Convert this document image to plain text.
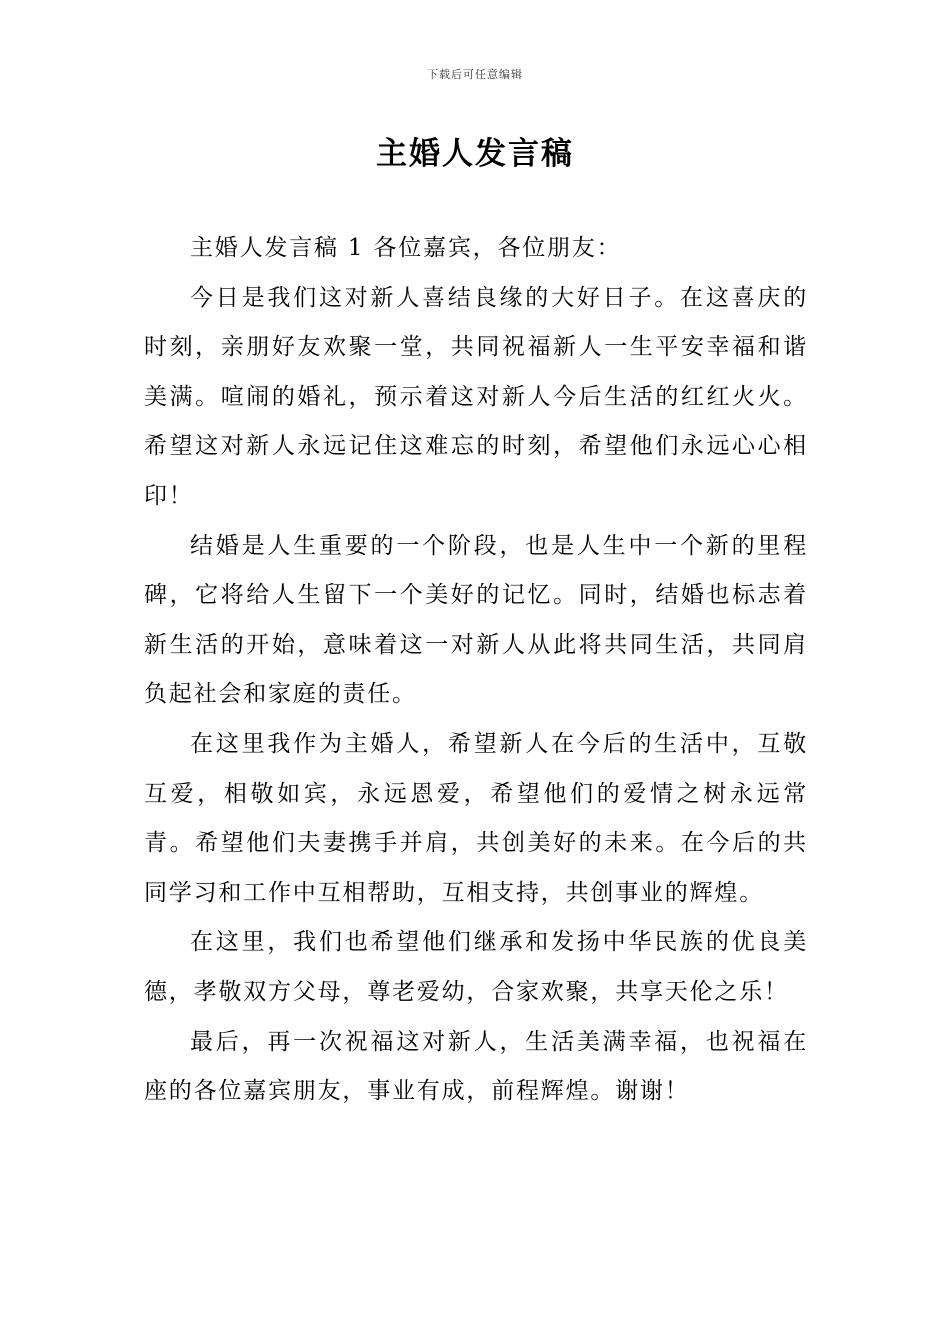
下载后可任意编辑
主婚人发言稿

主婚人发言稿 1 各位嘉宾，各位朋友：

今日是我们这对新人喜结良缘的大好日子。在这喜庆的时刻，亲朋好友欢聚一堂，共同祝福新人一生平安幸福和谐美满。喧闹的婚礼，预示着这对新人今后生活的红红火火。希望这对新人永远记住这难忘的时刻，希望他们永远心心相印！

结婚是人生重要的一个阶段，也是人生中一个新的里程碑，它将给人生留下一个美好的记忆。同时，结婚也标志着新生活的开始，意味着这一对新人从此将共同生活，共同肩负起社会和家庭的责任。

在这里我作为主婚人，希望新人在今后的生活中，互敬互爱，相敬如宾，永远恩爱，希望他们的爱情之树永远常青。希望他们夫妻携手并肩，共创美好的未来。在今后的共同学习和工作中互相帮助，互相支持，共创事业的辉煌。

在这里，我们也希望他们继承和发扬中华民族的优良美德，孝敬双方父母，尊老爱幼，合家欢聚，共享天伦之乐！

最后，再一次祝福这对新人，生活美满幸福，也祝福在座的各位嘉宾朋友，事业有成，前程辉煌。谢谢！
